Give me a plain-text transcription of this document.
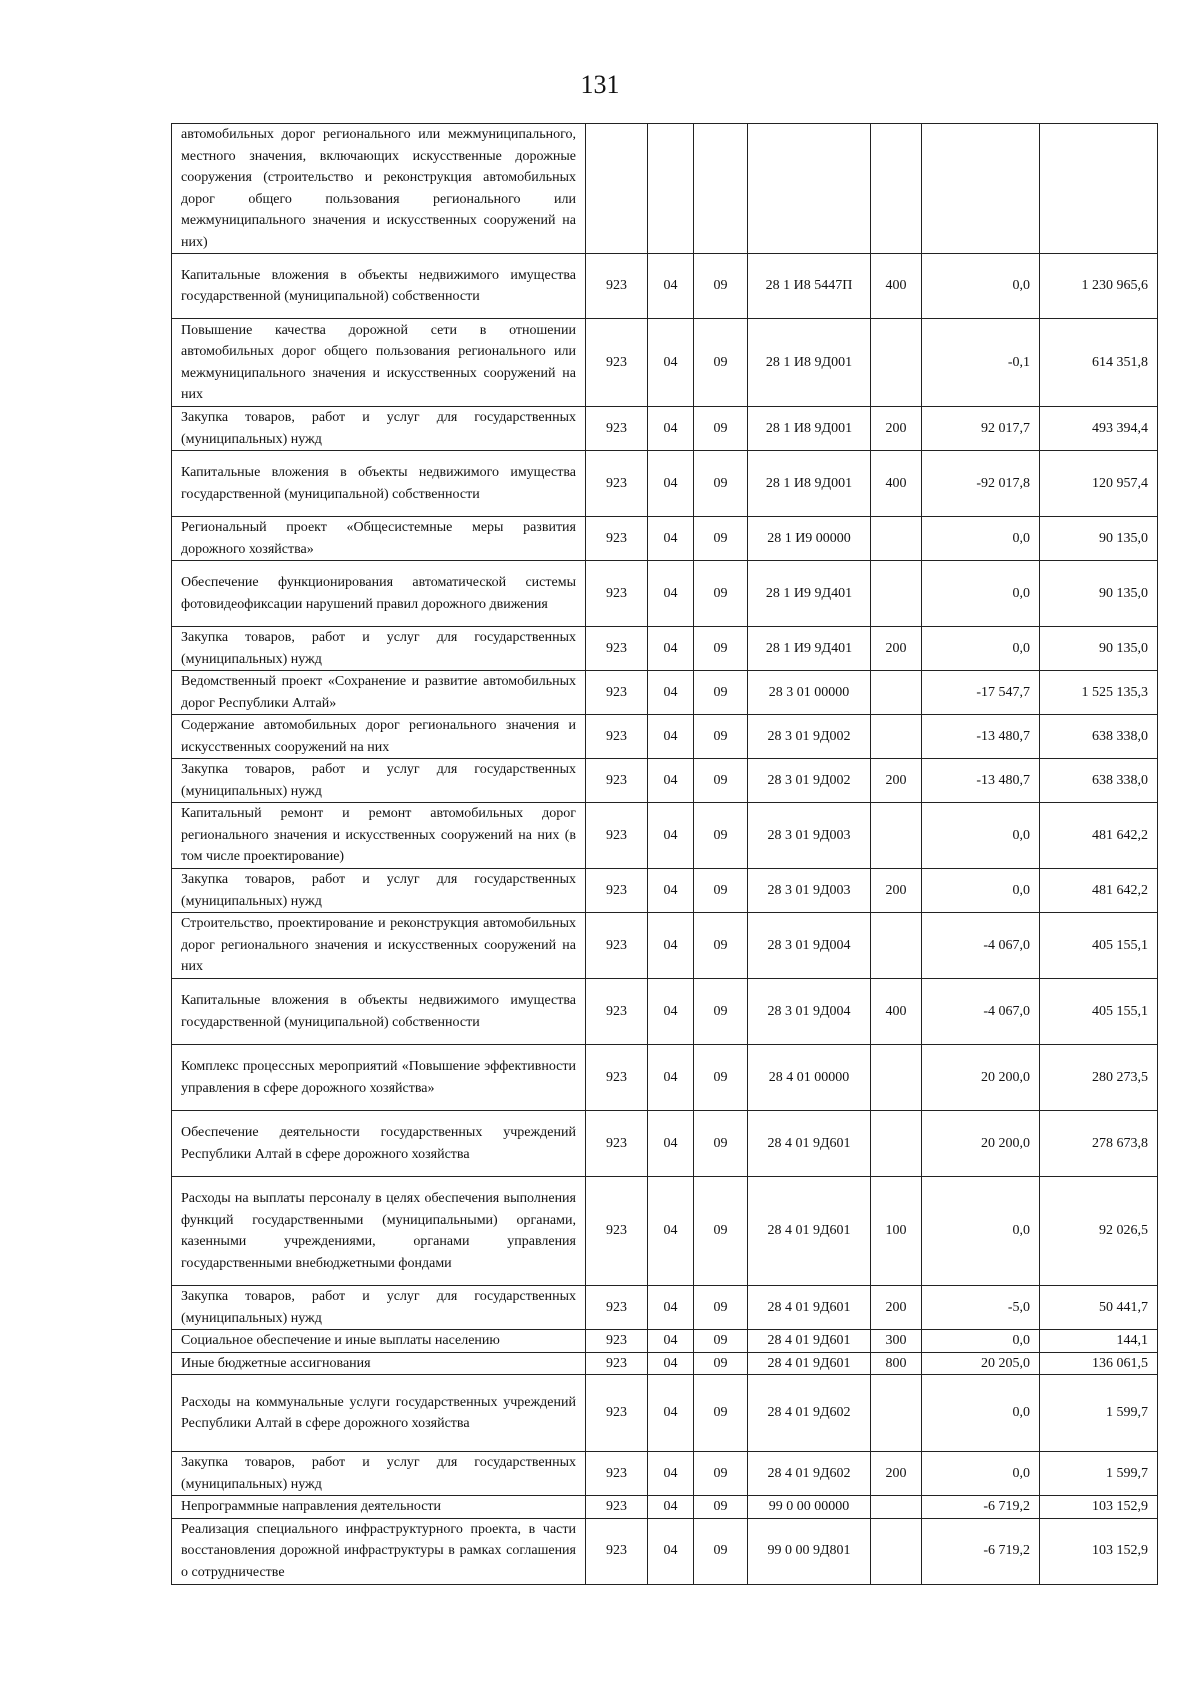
131
автомобильных дорог регионального или межмуниципального, местного значения, включающих искусственные дорожные сооружения (строительство и реконструкция автомобильных дорог общего пользования регионального или межмуниципального значения и искусственных сооружений на них)							
Капитальные вложения в объекты недвижимого имущества государственной (муниципальной) собственности	923	04	09	28 1 И8 5447П	400	0,0	1 230 965,6
Повышение качества дорожной сети в отношении автомобильных дорог общего пользования регионального или межмуниципального значения и искусственных сооружений на них	923	04	09	28 1 И8 9Д001		-0,1	614 351,8
Закупка товаров, работ и услуг для государственных (муниципальных) нужд	923	04	09	28 1 И8 9Д001	200	92 017,7	493 394,4
Капитальные вложения в объекты недвижимого имущества государственной (муниципальной) собственности	923	04	09	28 1 И8 9Д001	400	-92 017,8	120 957,4
Региональный проект «Общесистемные меры развития дорожного хозяйства»	923	04	09	28 1 И9 00000		0,0	90 135,0
Обеспечение функционирования автоматической системы фотовидеофиксации нарушений правил дорожного движения	923	04	09	28 1 И9 9Д401		0,0	90 135,0
Закупка товаров, работ и услуг для государственных (муниципальных) нужд	923	04	09	28 1 И9 9Д401	200	0,0	90 135,0
Ведомственный проект «Сохранение и развитие автомобильных дорог Республики Алтай»	923	04	09	28 3 01 00000		-17 547,7	1 525 135,3
Содержание автомобильных дорог регионального значения и искусственных сооружений на них	923	04	09	28 3 01 9Д002		-13 480,7	638 338,0
Закупка товаров, работ и услуг для государственных (муниципальных) нужд	923	04	09	28 3 01 9Д002	200	-13 480,7	638 338,0
Капитальный ремонт и ремонт автомобильных дорог регионального значения и искусственных сооружений на них (в том числе проектирование)	923	04	09	28 3 01 9Д003		0,0	481 642,2
Закупка товаров, работ и услуг для государственных (муниципальных) нужд	923	04	09	28 3 01 9Д003	200	0,0	481 642,2
Строительство, проектирование и реконструкция автомобильных дорог регионального значения и искусственных сооружений на них	923	04	09	28 3 01 9Д004		-4 067,0	405 155,1
Капитальные вложения в объекты недвижимого имущества государственной (муниципальной) собственности	923	04	09	28 3 01 9Д004	400	-4 067,0	405 155,1
Комплекс процессных мероприятий «Повышение эффективности управления в сфере дорожного хозяйства»	923	04	09	28 4 01 00000		20 200,0	280 273,5
Обеспечение деятельности государственных учреждений Республики Алтай в сфере дорожного хозяйства	923	04	09	28 4 01 9Д601		20 200,0	278 673,8
Расходы на выплаты персоналу в целях обеспечения выполнения функций государственными (муниципальными) органами, казенными учреждениями, органами управления государственными внебюджетными фондами	923	04	09	28 4 01 9Д601	100	0,0	92 026,5
Закупка товаров, работ и услуг для государственных (муниципальных) нужд	923	04	09	28 4 01 9Д601	200	-5,0	50 441,7
Социальное обеспечение и иные выплаты населению	923	04	09	28 4 01 9Д601	300	0,0	144,1
Иные бюджетные ассигнования	923	04	09	28 4 01 9Д601	800	20 205,0	136 061,5
Расходы на коммунальные услуги государственных учреждений Республики Алтай в сфере дорожного хозяйства	923	04	09	28 4 01 9Д602		0,0	1 599,7
Закупка товаров, работ и услуг для государственных (муниципальных) нужд	923	04	09	28 4 01 9Д602	200	0,0	1 599,7
Непрограммные направления деятельности	923	04	09	99 0 00 00000		-6 719,2	103 152,9
Реализация специального инфраструктурного проекта, в части восстановления дорожной инфраструктуры в рамках соглашения о сотрудничестве	923	04	09	99 0 00 9Д801		-6 719,2	103 152,9
